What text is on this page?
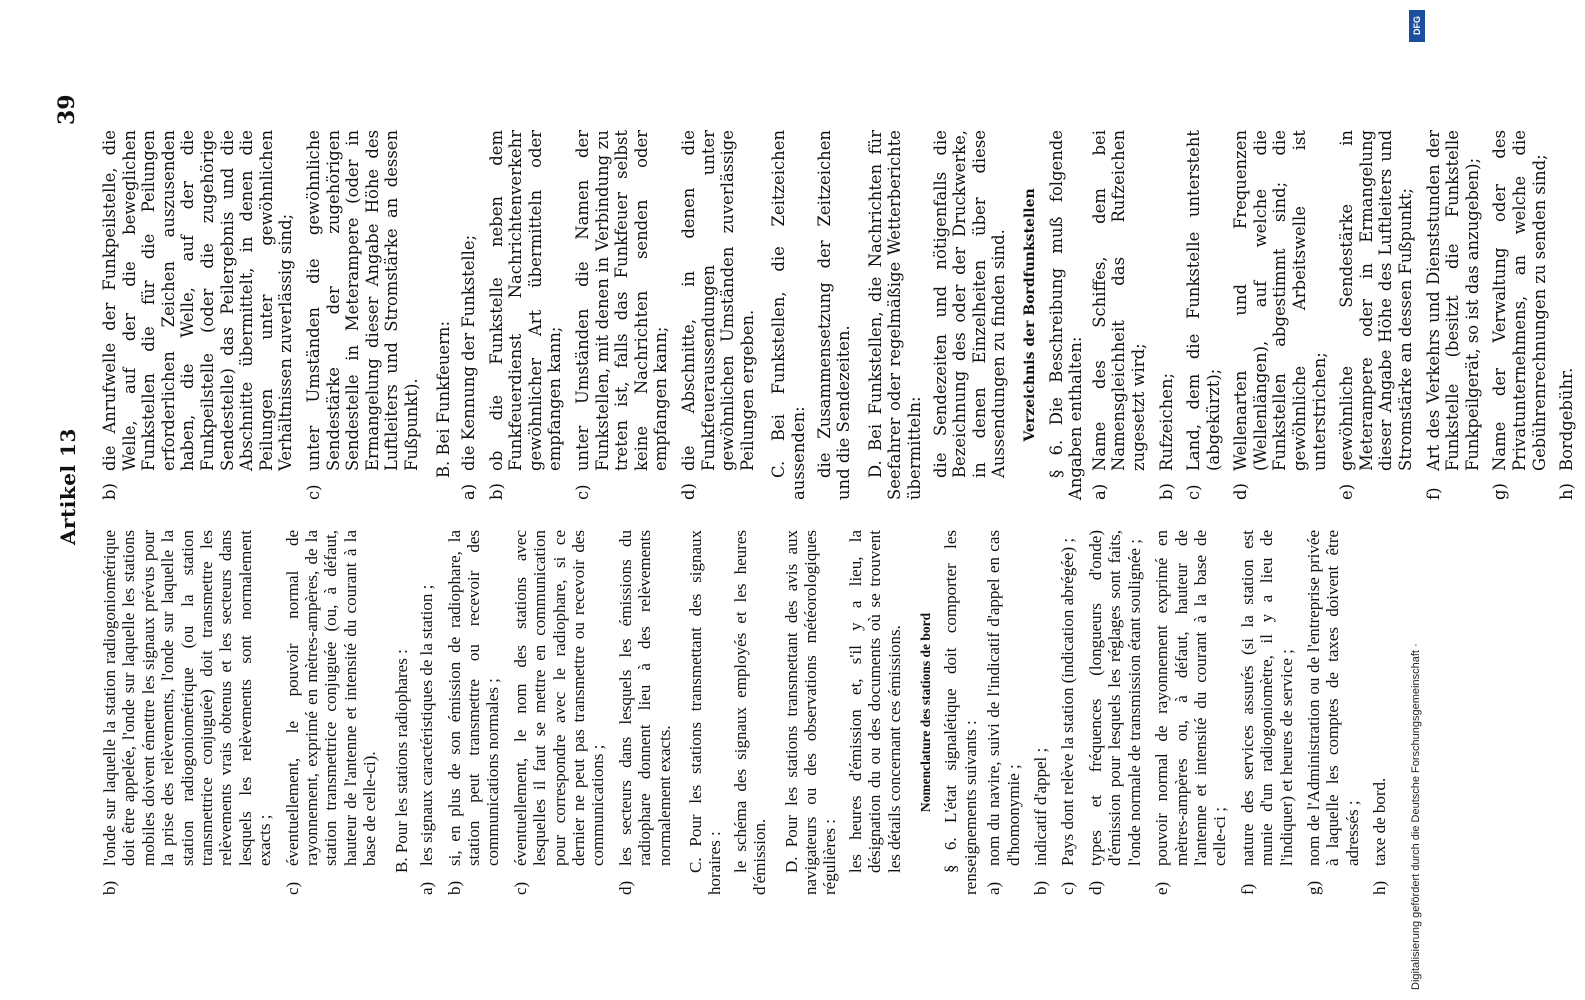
Artikel 13
39
b)
l'onde sur laquelle la station radiogoniométrique doit être appelée, l'onde sur laquelle les stations mobiles doivent émettre les signaux prévus pour la prise des relèvements, l'onde sur laquelle la station radiogoniométrique (ou la station transmettrice conjuguée) doit transmettre les relèvements vrais obtenus et les secteurs dans lesquels les relèvements sont normalement exacts ;
c)
éventuellement, le pouvoir normal de rayonnement, exprimé en mètres-ampères, de la station transmettrice conjuguée (ou, à défaut, hauteur de l'antenne et intensité du courant à la base de celle-ci). B. Pour les stations radiophares :
a)
les signaux caractéristiques de la station ;
b)
si, en plus de son émission de radiophare, la station peut transmettre ou recevoir des communications normales ;
c)
éventuellement, le nom des stations avec lesquelles il faut se mettre en communication pour correspondre avec le radiophare, si ce dernier ne peut pas transmettre ou recevoir des communications ;
d)
les secteurs dans lesquels les émissions du radiophare donnent lieu à des relèvements normalement exacts. C. Pour les stations transmettant des signaux horaires : le schéma des signaux employés et les heures d'émission. D. Pour les stations transmettant des avis aux navigateurs ou des observations météorologiques régulières : les heures d'émission et, s'il y a lieu, la désignation du ou des documents où se trouvent les détails concernant ces émissions. Nomenclature des stations de bord § 6. L'état signalétique doit comporter les renseignements suivants : a)
nom du navire, suivi de l'indicatif d'appel en cas d'homonymie ;
b)
indicatif d'appel ;
c)
Pays dont relève la station (indication abrégée) ;
d)
types et fréquences (longueurs d'onde) d'émission pour lesquels les réglages sont faits, l'onde normale de transmission étant soulignée ;
e)
pouvoir normal de rayonnement exprimé en mètres-ampères ou, à défaut, hauteur de l'antenne et intensité du courant à la base de celle-ci ;
f)
nature des services assurés (si la station est munie d'un radiogoniomètre, il y a lieu de l'indiquer) et heures de service ;
g)
nom de l'Administration ou de l'entreprise privée à laquelle les comptes de taxes doivent être adressés ;
h)
taxe de bord.
b)
die Anrufwelle der Funkpeilstelle, die Welle, auf der die beweglichen Funkstellen die für die Peilungen erforderlichen Zeichen auszusenden haben, die Welle, auf der die Funkpeilstelle (oder die zugehörige Sendestelle) das Peilergebnis und die Abschnitte übermittelt, in denen die Peilungen unter gewöhnlichen Verhältnissen zuverlässig sind;
c)
unter Umständen die gewöhnliche Sendestärke der zugehörigen Sendestelle in Meterampere (oder in Ermangelung dieser Angabe Höhe des Luftleiters und Stromstärke an dessen Fußpunkt). B. Bei Funkfeuern:
a)
die Kennung der Funkstelle;
b)
ob die Funkstelle neben dem Funkfeuerdienst Nachrichtenverkehr gewöhnlicher Art übermitteln oder empfangen kann;
c)
unter Umständen die Namen der Funkstellen, mit denen in Verbindung zu treten ist, falls das Funkfeuer selbst keine Nachrichten senden oder empfangen kann;
d)
die Abschnitte, in denen die Funkfeueraussendungen unter gewöhnlichen Umständen zuverlässige Peilungen ergeben. C. Bei Funkstellen, die Zeitzeichen aussenden: die Zusammensetzung der Zeitzeichen und die Sendezeiten. D. Bei Funkstellen, die Nachrichten für Seefahrer oder regelmäßige Wetterberichte übermitteln: die Sendezeiten und nötigenfalls die Bezeichnung des oder der Druckwerke, in denen Einzelheiten über diese Aussendungen zu finden sind. Verzeichnis der Bordfunkstellen § 6. Die Beschreibung muß folgende Angaben enthalten: a)
Name des Schiffes, dem bei Namensgleichheit das Rufzeichen zugesetzt wird;
b)
Rufzeichen;
c)
Land, dem die Funkstelle untersteht (abgekürzt);
d)
Wellenarten und Frequenzen (Wellenlängen), auf welche die Funkstellen abgestimmt sind; die gewöhnliche Arbeitswelle ist unterstrichen;
e)
gewöhnliche Sendestärke in Meterampere oder in Ermangelung dieser Angabe Höhe des Luftleiters und Stromstärke an dessen Fußpunkt;
f)
Art des Verkehrs und Dienststunden der Funkstelle (besitzt die Funkstelle Funkpeilgerät, so ist das anzugeben);
g)
Name der Verwaltung oder des Privatunternehmens, an welche die Gebührenrechnungen zu senden sind;
h)
Bordgebühr.
DFG
Digitalisierung gefördert durch die Deutsche Forschungsgemeinschaft ·
